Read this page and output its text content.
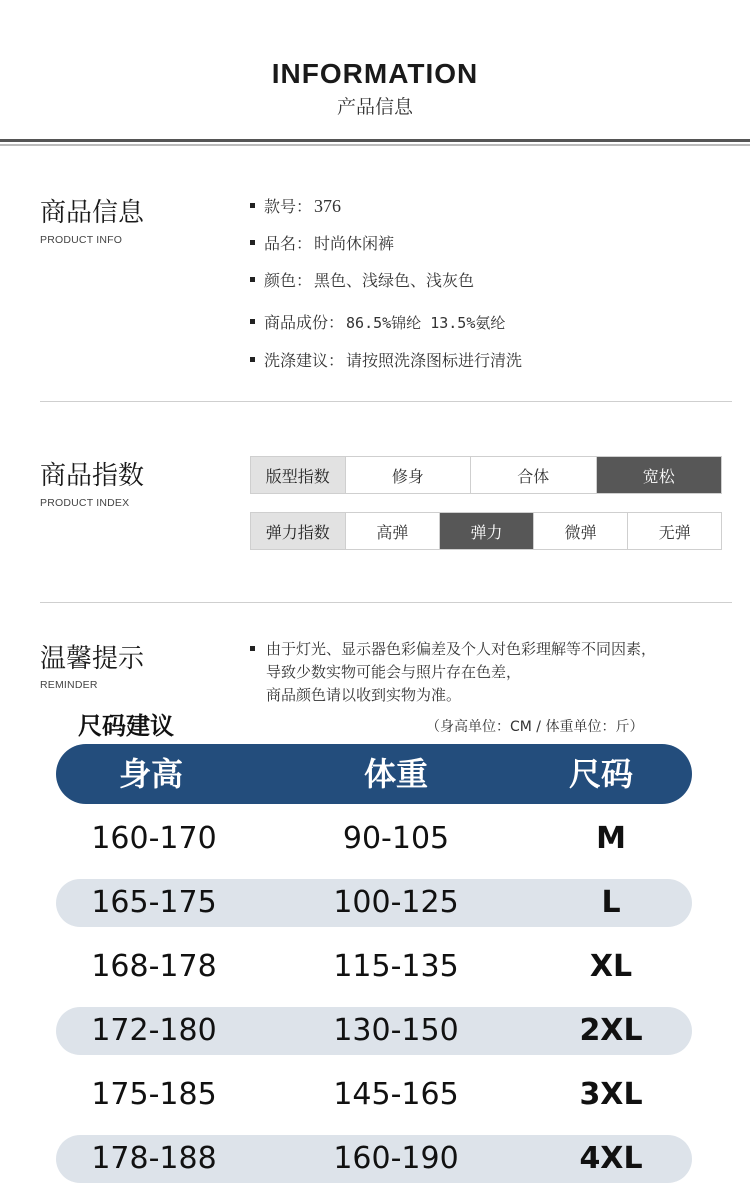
INFORMATION
产品信息
商品信息
PRODUCT INFO
款号： 376
品名： 时尚休闲裤
颜色： 黑色、浅绿色、浅灰色
商品成份： 86.5%锦纶 13.5%氨纶
洗涤建议： 请按照洗涤图标进行清洗
商品指数
PRODUCT INDEX
版型指数	修身	合体	宽松
弹力指数	高弹	弹力	微弹	无弹
温馨提示
REMINDER
由于灯光、显示器色彩偏差及个人对色彩理解等不同因素，
导致少数实物可能会与照片存在色差，
商品颜色请以收到实物为准。
尺码建议	（身高单位：CM / 体重单位：斤）
身高	体重	尺码
160-170	90-105	M
165-175	100-125	L
168-178	115-135	XL
172-180	130-150	2XL
175-185	145-165	3XL
178-188	160-190	4XL
